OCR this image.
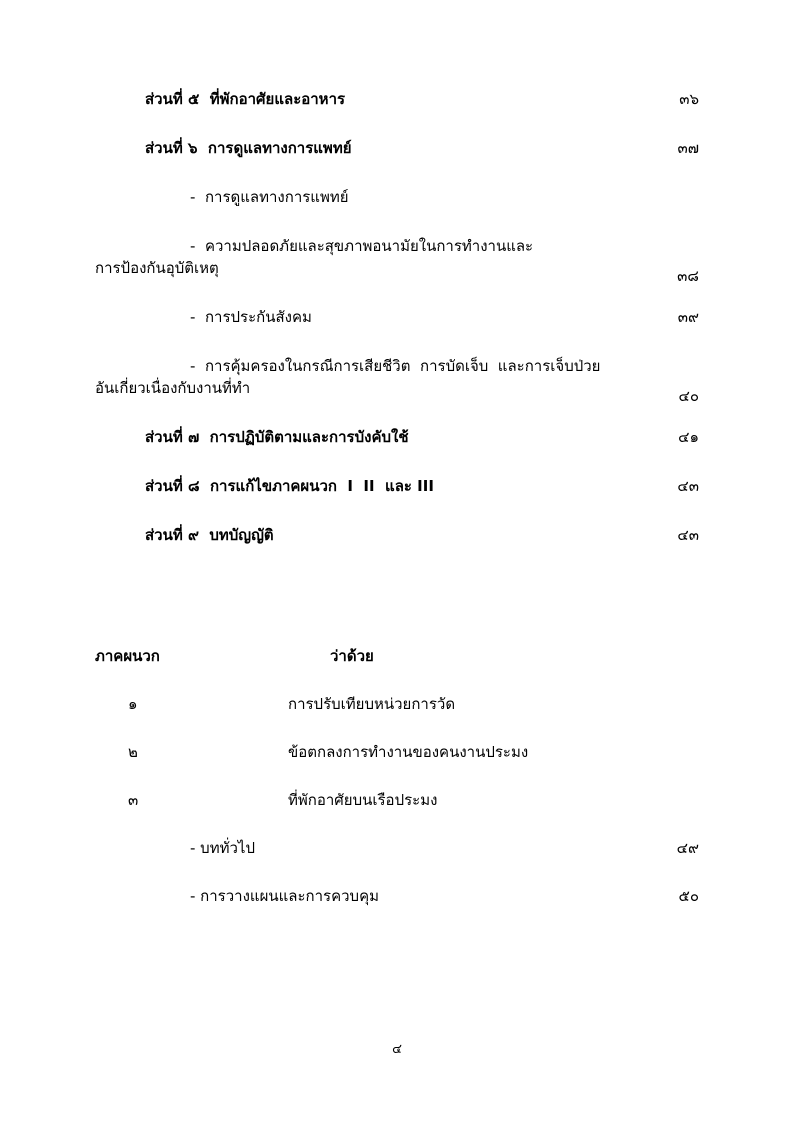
ส่วนที่ ๕  ที่พักอาศัยและอาหาร	๓๖
ส่วนที่ ๖  การดูแลทางการแพทย์	๓๗
-  การดูแลทางการแพทย์
-  ความปลอดภัยและสุขภาพอนามัยในการทำงานและ
การป้องกันอุบัติเหตุ	๓๘
-  การประกันสังคม	๓๙
-  การคุ้มครองในกรณีการเสียชีวิต  การบัดเจ็บ  และการเจ็บป่วย
อันเกี่ยวเนื่องกับงานที่ทำ	๔๐
ส่วนที่ ๗  การปฏิบัติตามและการบังคับใช้	๔๑
ส่วนที่ ๘  การแก้ไขภาคผนวก  I  II  และ III	๔๓
ส่วนที่ ๙  บทบัญญัติ	๔๓
ภาคผนวก	ว่าด้วย
๑	การปรับเทียบหน่วยการวัด
๒	ข้อตกลงการทำงานของคนงานประมง
๓	ที่พักอาศัยบนเรือประมง
- บททั่วไป	๔๙
- การวางแผนและการควบคุม	๕๐
๔
